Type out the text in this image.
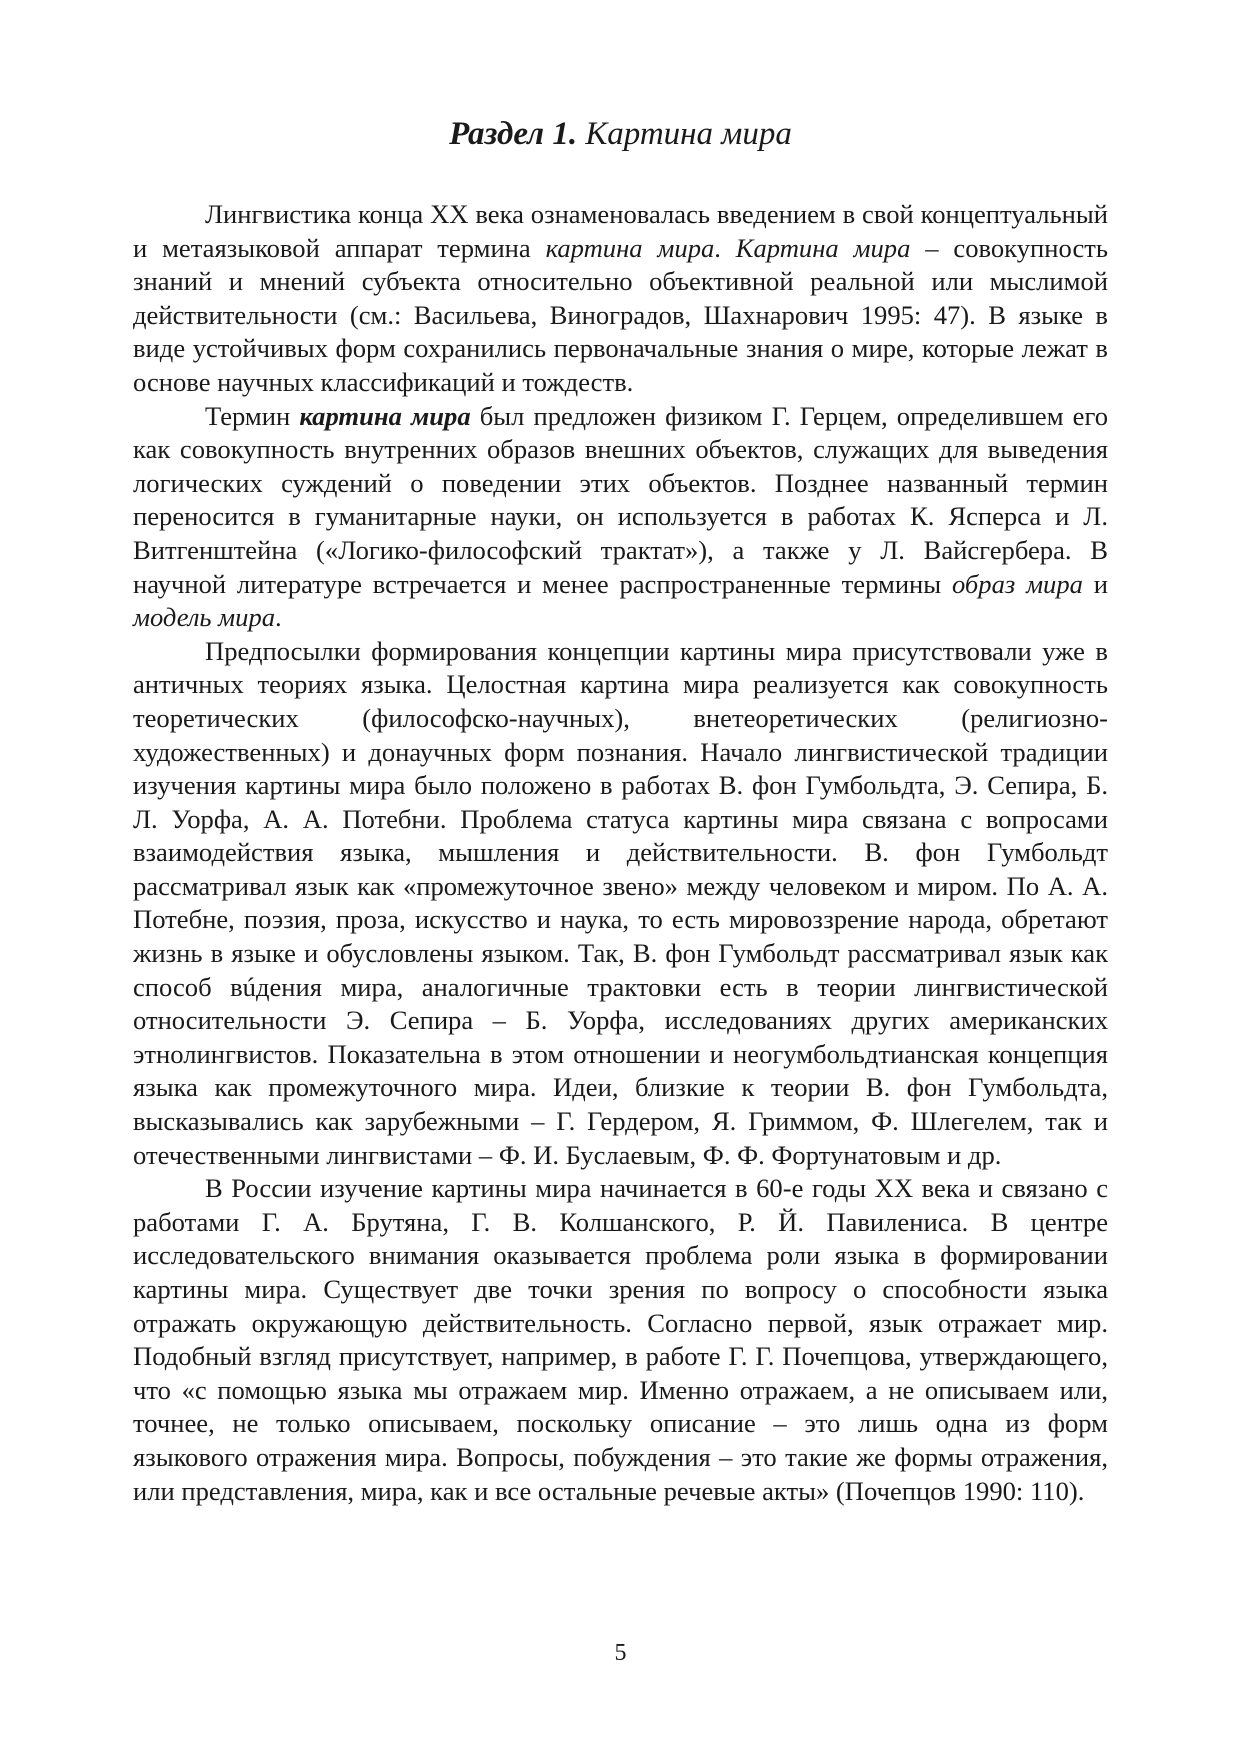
Раздел 1. Картина мира

Лингвистика конца XX века ознаменовалась введением в свой концептуальный и метаязыковой аппарат термина картина мира. Картина мира – совокупность знаний и мнений субъекта относительно объективной реальной или мыслимой действительности (см.: Васильева, Виноградов, Шахнарович 1995: 47). В языке в виде устойчивых форм сохранились первоначальные знания о мире, которые лежат в основе научных классификаций и тождеств.

Термин картина мира был предложен физиком Г. Герцем, определившем его как совокупность внутренних образов внешних объектов, служащих для выведения логических суждений о поведении этих объектов. Позднее названный термин переносится в гуманитарные науки, он используется в работах К. Ясперса и Л. Витгенштейна («Логико-философский трактат»), а также у Л. Вайсгербера. В научной литературе встречается и менее распространенные термины образ мира и модель мира.

Предпосылки формирования концепции картины мира присутствовали уже в античных теориях языка. Целостная картина мира реализуется как совокупность теоретических (философско-научных), внетеоретических (религиозно-художественных) и донаучных форм познания. Начало лингвистической традиции изучения картины мира было положено в работах В. фон Гумбольдта, Э. Сепира, Б. Л. Уорфа, А. А. Потебни. Проблема статуса картины мира связана с вопросами взаимодействия языка, мышления и действительности. В. фон Гумбольдт рассматривал язык как «промежуточное звено» между человеком и миром. По А. А. Потебне, поэзия, проза, искусство и наука, то есть мировоззрение народа, обретают жизнь в языке и обусловлены языком. Так, В. фон Гумбольдт рассматривал язык как способ вúдения мира, аналогичные трактовки есть в теории лингвистической относительности Э. Сепира – Б. Уорфа, исследованиях других американских этнолингвистов. Показательна в этом отношении и неогумбольдтианская концепция языка как промежуточного мира. Идеи, близкие к теории В. фон Гумбольдта, высказывались как зарубежными – Г. Гердером, Я. Гриммом, Ф. Шлегелем, так и отечественными лингвистами – Ф. И. Буслаевым, Ф. Ф. Фортунатовым и др.

В России изучение картины мира начинается в 60-е годы XX века и связано с работами Г. А. Брутяна, Г. В. Колшанского, Р. Й. Павилениса. В центре исследовательского внимания оказывается проблема роли языка в формировании картины мира. Существует две точки зрения по вопросу о способности языка отражать окружающую действительность. Согласно первой, язык отражает мир. Подобный взгляд присутствует, например, в работе Г. Г. Почепцова, утверждающего, что «с помощью языка мы отражаем мир. Именно отражаем, а не описываем или, точнее, не только описываем, поскольку описание – это лишь одна из форм языкового отражения мира. Вопросы, побуждения – это такие же формы отражения, или представления, мира, как и все остальные речевые акты» (Почепцов 1990: 110).

5
